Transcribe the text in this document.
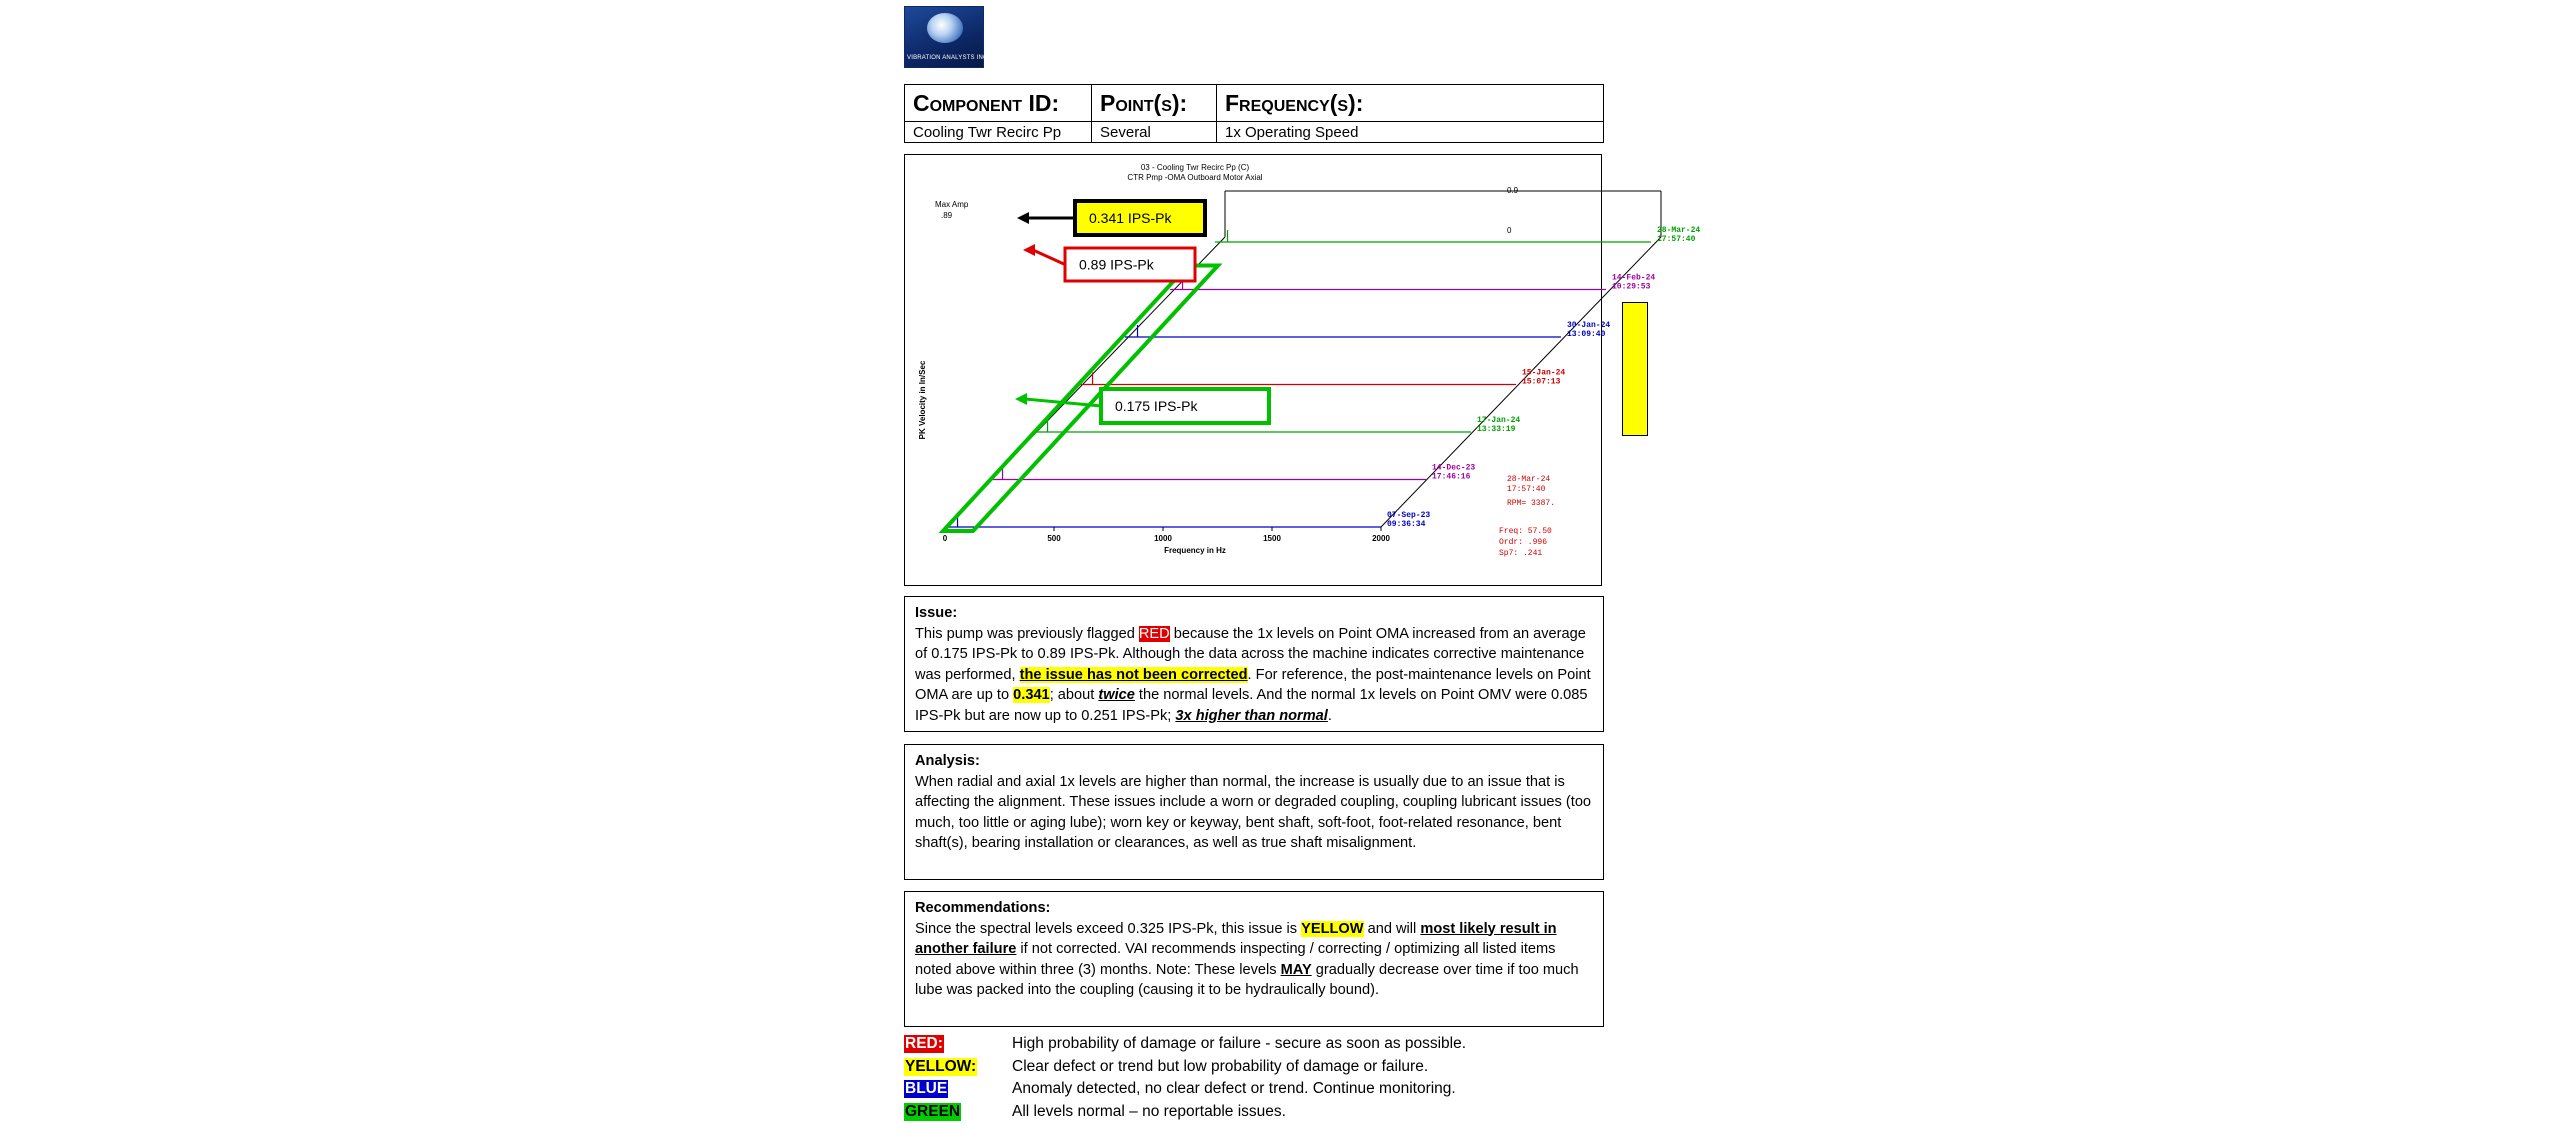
VIBRATION ANALYSTS INC
Component ID:	Point(s):	Frequency(s):
Cooling Twr Recirc Pp	Several	1x Operating Speed
03 - Cooling Twr Recirc Pp (C)
CTR Pmp -OMA Outboard Motor Axial
Max Amp
.89
0.9
0
Frequency in Hz
PK Velocity in In/Sec
Freq: 57.50
Ordr: .996
Sp7: .241
28-Mar-24
17:57:40
RPM= 3387.
28-Mar-24
17:57:40
14-Feb-24
10:29:53
30-Jan-24
13:09:40
15-Jan-24
15:07:13
17-Jan-24
13:33:19
14-Dec-23
17:46:16
07-Sep-23
09:36:34
0	500	1000	1500	2000
0.341 IPS-Pk
0.89 IPS-Pk
0.175 IPS-Pk
Issue:
This pump was previously flagged RED because the 1x levels on Point OMA increased from an average of 0.175 IPS-Pk to 0.89 IPS-Pk. Although the data across the machine indicates corrective maintenance was performed, the issue has not been corrected. For reference, the post-maintenance levels on Point OMA are up to 0.341; about twice the normal levels. And the normal 1x levels on Point OMV were 0.085 IPS-Pk but are now up to 0.251 IPS-Pk; 3x higher than normal.
Analysis:
When radial and axial 1x levels are higher than normal, the increase is usually due to an issue that is affecting the alignment. These issues include a worn or degraded coupling, coupling lubricant issues (too much, too little or aging lube); worn key or keyway, bent shaft, soft-foot, foot-related resonance, bent shaft(s), bearing installation or clearances, as well as true shaft misalignment.
Recommendations:
Since the spectral levels exceed 0.325 IPS-Pk, this issue is YELLOW and will most likely result in another failure if not corrected. VAI recommends inspecting / correcting / optimizing all listed items noted above within three (3) months. Note: These levels MAY gradually decrease over time if too much lube was packed into the coupling (causing it to be hydraulically bound).
RED:	High probability of damage or failure - secure as soon as possible.
YELLOW: Clear defect or trend but low probability of damage or failure.
BLUE	Anomaly detected, no clear defect or trend. Continue monitoring.
GREEN	All levels normal – no reportable issues.
